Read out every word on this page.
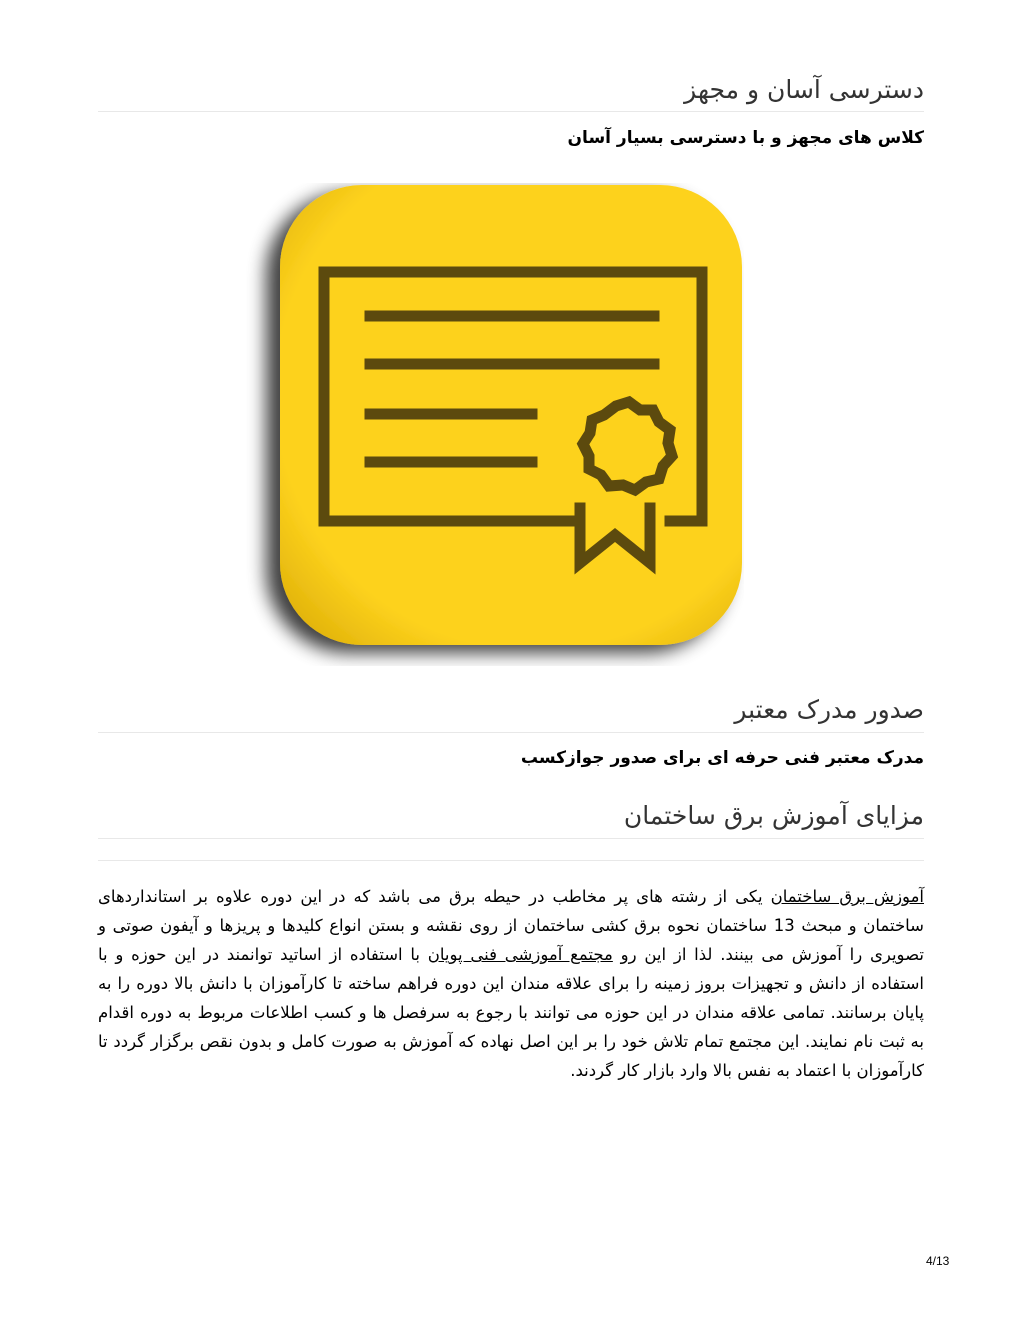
دسترسی آسان و مجهز

کلاس های مجهز و با دسترسی بسیار آسان

صدور مدرک معتبر

مدرک معتبر فنی حرفه ای برای صدور جوازکسب

مزایای آموزش برق ساختمان

آموزش برق ساختمان یکی از رشته های پر مخاطب در حیطه برق می باشد که در این دوره علاوه بر استانداردهای ساختمان و مبحث 13 ساختمان نحوه برق کشی ساختمان از روی نقشه و بستن انواع کلیدها و پریزها و آیفون صوتی و تصویری را آموزش می بینند. لذا از این رو مجتمع آموزشی فنی پویان با استفاده از اساتید توانمند در این حوزه و با استفاده از دانش و تجهیزات بروز زمینه را برای علاقه مندان این دوره فراهم ساخته تا کارآموزان با دانش بالا دوره را به پایان برسانند. تمامی علاقه مندان در این حوزه می توانند با رجوع به سرفصل ها و کسب اطلاعات مربوط به دوره اقدام به ثبت نام نمایند. این مجتمع تمام تلاش خود را بر این اصل نهاده که آموزش به صورت کامل و بدون نقص برگزار گردد تا کارآموزان با اعتماد به نفس بالا وارد بازار کار گردند.

4/13
